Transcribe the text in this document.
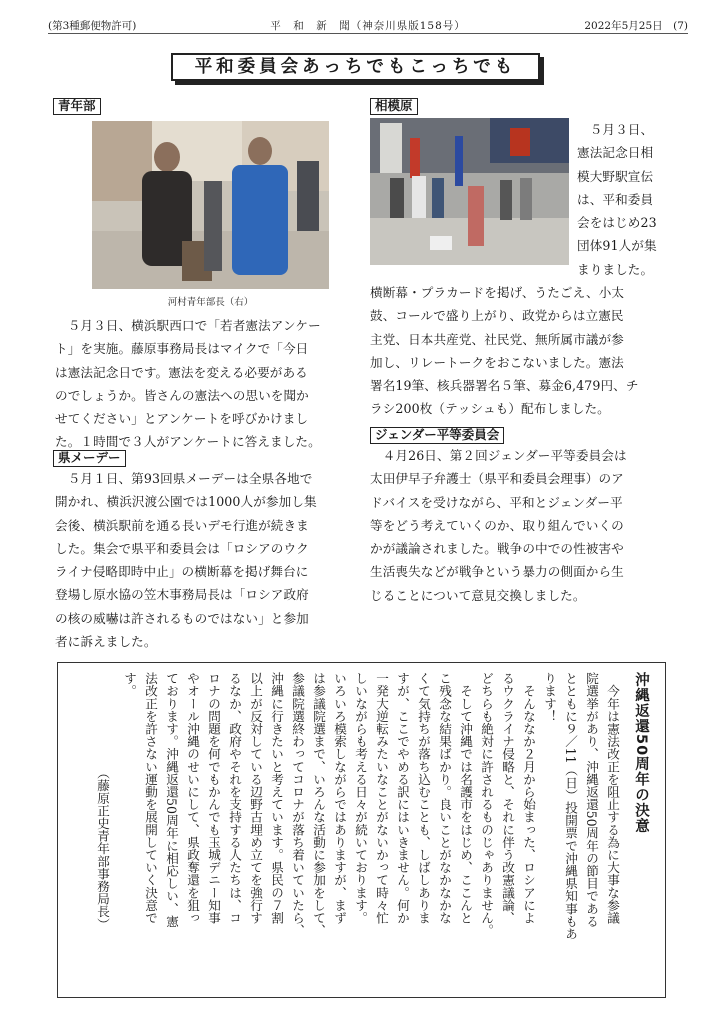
(第3種郵便物許可)	平　和　新　聞（神奈川県版158号）	2022年5月25日　(7)
平和委員会あっちでもこっちでも
青年部
河村青年部長（右）
　５月３日、横浜駅西口で「若者憲法アンケー
ト」を実施。藤原事務局長はマイクで「今日
は憲法記念日です。憲法を変える必要がある
のでしょうか。皆さんの憲法への思いを聞か
せてください」とアンケートを呼びかけまし
た。１時間で３人がアンケートに答えました。
県メーデー
　５月１日、第93回県メーデーは全県各地で
開かれ、横浜沢渡公園では1000人が参加し集
会後、横浜駅前を通る長いデモ行進が続きま
した。集会で県平和委員会は「ロシアのウク
ライナ侵略即時中止」の横断幕を掲げ舞台に
登場し原水協の笠木事務局長は「ロシア政府
の核の威嚇は許されるものではない」と参加
者に訴えました。
相模原
　５月３日、
憲法記念日相
模大野駅宣伝
は、平和委員
会をはじめ23
団体91人が集
まりました。
横断幕・プラカードを掲げ、うたごえ、小太
鼓、コールで盛り上がり、政党からは立憲民
主党、日本共産党、社民党、無所属市議が参
加し、リレートークをおこないました。憲法
署名19筆、核兵器署名５筆、募金6,479円、チ
ラシ200枚（テッシュも）配布しました。
ジェンダー平等委員会
　４月26日、第２回ジェンダー平等委員会は
太田伊早子弁護士（県平和委員会理事）のア
ドバイスを受けながら、平和とジェンダー平
等をどう考えていくのか、取り組んでいくの
かが議論されました。戦争の中での性被害や
生活喪失などが戦争という暴力の側面から生
じることについて意見交換しました。
沖縄返還50周年の決意
　今年は憲法改正を阻止する為に大事な参議
院選挙があり、沖縄返還50周年の節目である
とともに９／11（日）投開票で沖縄県知事もあ
ります！
　そんななか２月から始まった、ロシアによ
るウクライナ侵略と、それに伴う改憲議論、
どちらも絶対に許されるものじゃありません。
　そして沖縄では名護市をはじめ、ここんと
こ残念な結果ばかり。良いことがなかなかな
くて気持ちが落ち込むことも、しばしありま
すが、ここでやめる訳にはいきません。何か
一発大逆転みたいなことがないかって時々忙
しいながらも考える日々が続いております。
いろいろ模索しながらではありますが、まず
は参議院選まで、いろんな活動に参加をして、
参議院選終わってコロナが落ち着いていたら、
沖縄に行きたいと考えています。県民の７割
以上が反対している辺野古埋め立てを強行す
るなか、政府やそれを支持する人たちは、コ
ロナの問題を何でもかんでも玉城デニー知事
やオール沖縄のせいにして、県政奪還を狙っ
ております。沖縄返還50周年に相応しい、憲
法改正を許さない運動を展開していく決意で
す。
　　　　　　　　（藤原正史青年部事務局長）
